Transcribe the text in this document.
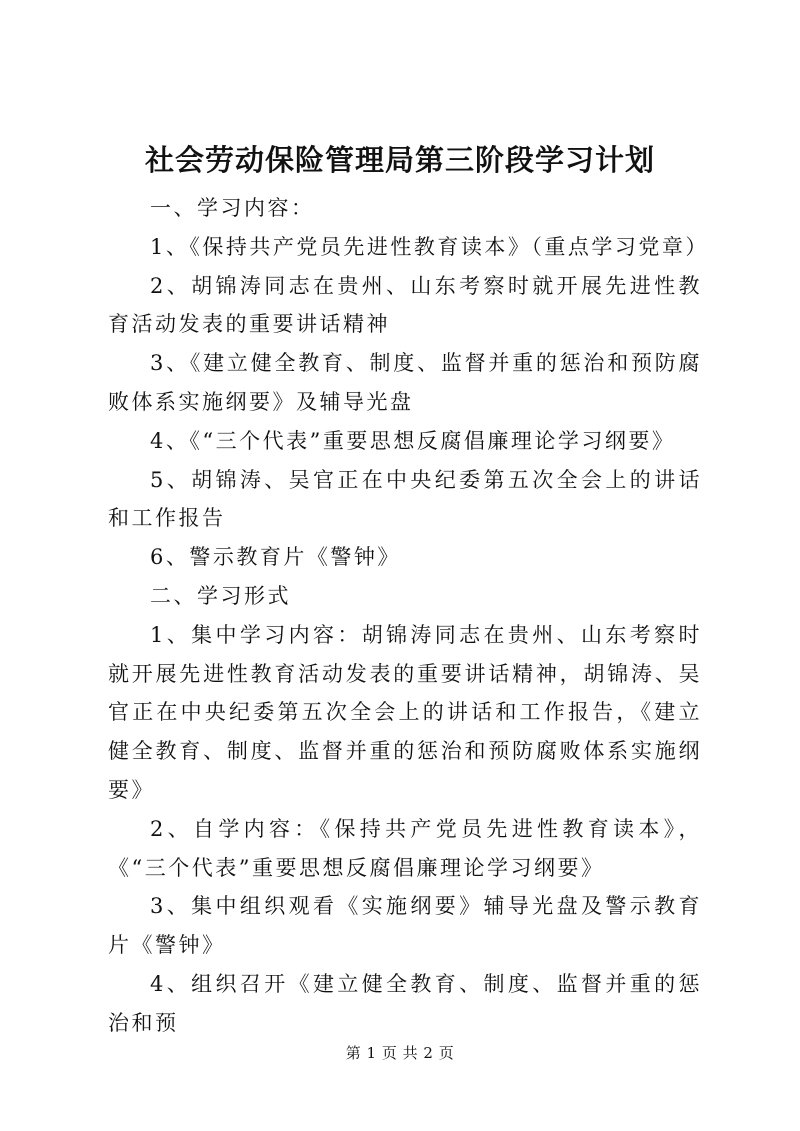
社会劳动保险管理局第三阶段学习计划

一、学习内容：

1、《保持共产党员先进性教育读本》（重点学习党章）

2、胡锦涛同志在贵州、山东考察时就开展先进性教育活动发表的重要讲话精神

3、《建立健全教育、制度、监督并重的惩治和预防腐败体系实施纲要》及辅导光盘

4、《“三个代表”重要思想反腐倡廉理论学习纲要》

5、胡锦涛、吴官正在中央纪委第五次全会上的讲话和工作报告

6、警示教育片《警钟》

二、学习形式

1、集中学习内容：胡锦涛同志在贵州、山东考察时就开展先进性教育活动发表的重要讲话精神，胡锦涛、吴官正在中央纪委第五次全会上的讲话和工作报告，《建立健全教育、制度、监督并重的惩治和预防腐败体系实施纲要》

2、自学内容：《保持共产党员先进性教育读本》，《“三个代表”重要思想反腐倡廉理论学习纲要》

3、集中组织观看《实施纲要》辅导光盘及警示教育片《警钟》

4、组织召开《建立健全教育、制度、监督并重的惩治和预

第 1 页 共 2 页
